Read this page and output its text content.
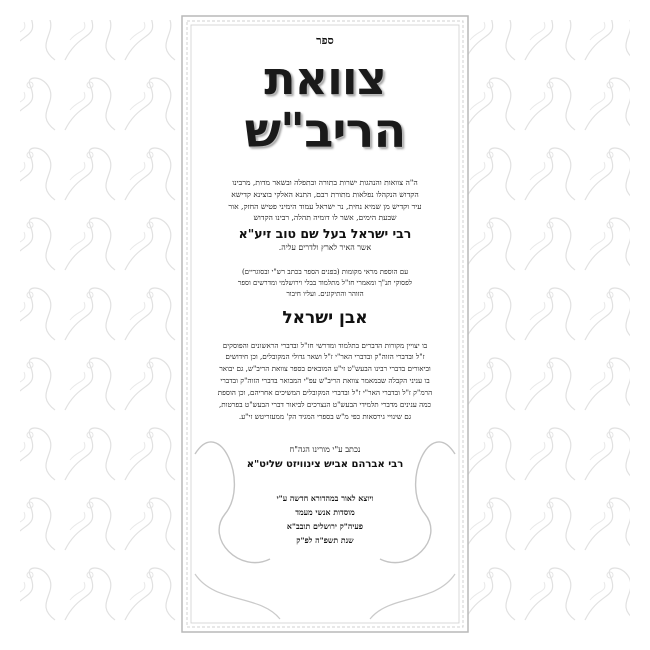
ספר
צוואת
הריב"ש
ה"ה צוואות והנהגות ישרות בתורה ובתפלה ובשאר מדות, מרבינו
הקדוש הנקהלו נפלאות מתורת רבם, התנא האלקי בוצינא קדישא
עיר וקדיש מן שמיא נחית, נר ישראל עמוד הימיני פטיש החזק, אור
שבעת הימים, אשר לו דומיה תהלה, רבינו הקדוש
רבי ישראל בעל שם טוב זיע"א
אשר האיר לארץ ולדרים עליה.
עם הוספת מראי מקומות (בפנים הספר בכתב רש"י ובסוגריים)
לפסוקי תנ"ך ומאמרי חז"ל מתלמוד בבלי וירושלמי ומדרשים וספר
הזוהר והתיקונים. ועליו חיבור
אבן ישראל
בו יצויין מקורות הדברים בתלמוד ומדרשי חז"ל ובדברי הראשונים והפוסקים
ז"ל ובדברי הזוה"ק ובדברי האר"י ז"ל ושאר גדולי המקובלים, וכן חידושים
וביאורים בדברי רבינו הבעש"ט זי"ע המובאים בספר צוואת הריב"ש, גם יבואר
בו עניני הקבלה שבמאמר צוואת הריב"ש עפ"י המבואר בדברי הזוה"ק ובדברי
הרמ"ק ז"ל ובדברי האר"י ז"ל ובדברי המקובלים המשיכים אחריהם, וכן הוספת
כמה ענינים מדברי תלמידי הבעש"ט הנצרכים לביאור דברי הבעש"ט בפרטות,
גם שינויי גירסאות כפי מ"ש בספרי המגיד הק' ממעזריטש זי"ע.
נכתב ע"י מורינו הגה"ח
רבי אברהם אביש צינוויזט שליט"א
ויוצא לאור במהדורא חדשה ע"י
מוסדות אנשי מעמד
פעיה"ק ירושלים תובב"א
שנת תשפ"ה לפ"ק
